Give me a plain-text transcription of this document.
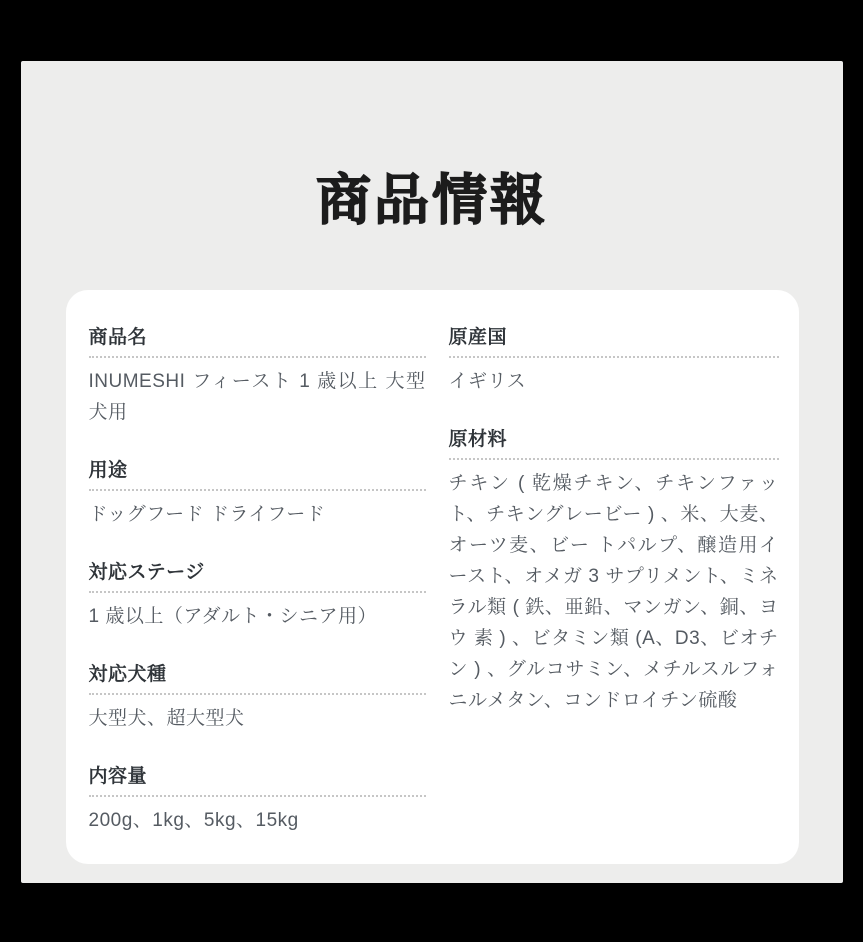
商品情報
商品名
INUMESHI フィースト 1 歳以上 大型犬用
用途
ドッグフード ドライフード
対応ステージ
1 歳以上（アダルト・シニア用）
対応犬種
大型犬、超大型犬
内容量
200g、1kg、5kg、15kg
原産国
イギリス
原材料
チキン ( 乾燥チキン、チキンファット、チキングレービー ) 、米、大麦、オーツ麦、ビー トパルプ、醸造用イースト、オメガ 3 サプリメント、ミネラル類 ( 鉄、亜鉛、マンガン、銅、ヨウ 素 ) 、ビタミン類 (A、D3、ビオチン ) 、グルコサミン、メチルスルフォニルメタン、コンドロイチン硫酸
